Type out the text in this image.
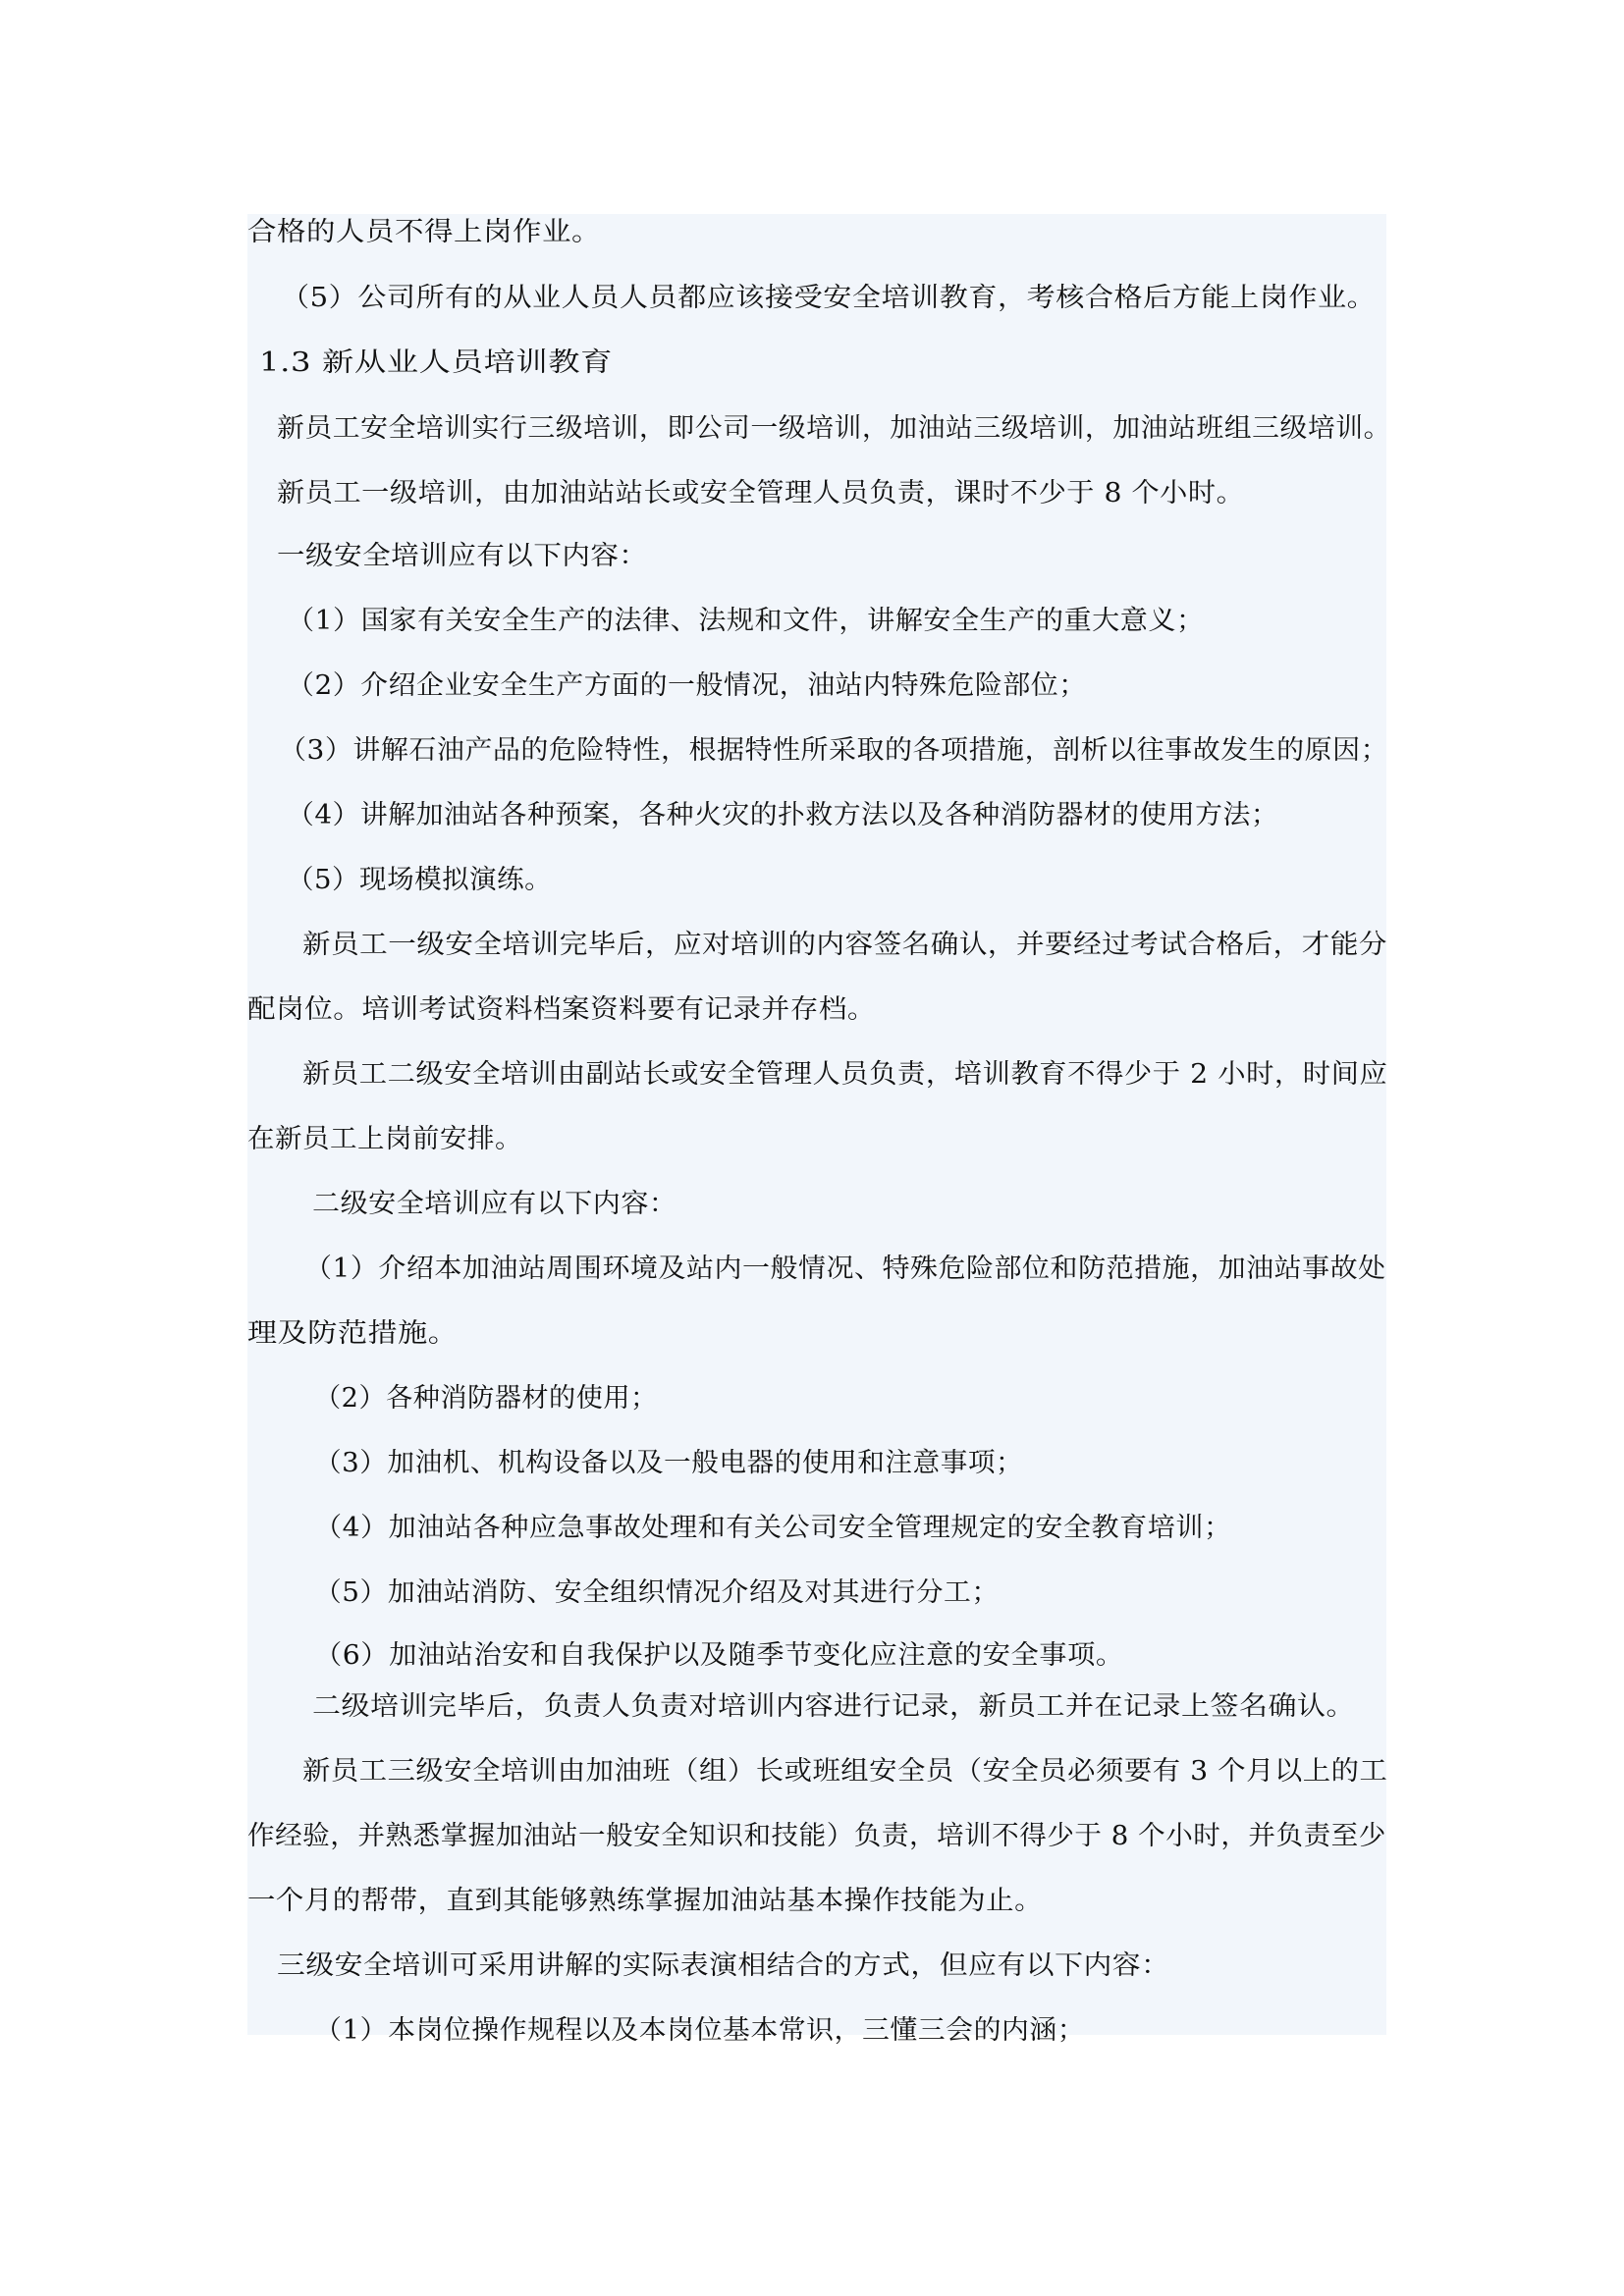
合格的人员不得上岗作业。
（5）公司所有的从业人员人员都应该接受安全培训教育，考核合格后方能上岗作业。
1.3 新从业人员培训教育
新员工安全培训实行三级培训，即公司一级培训，加油站三级培训，加油站班组三级培训。
新员工一级培训，由加油站站长或安全管理人员负责，课时不少于 8 个小时。
一级安全培训应有以下内容：
（1）国家有关安全生产的法律、法规和文件，讲解安全生产的重大意义；
（2）介绍企业安全生产方面的一般情况，油站内特殊危险部位；
（3）讲解石油产品的危险特性，根据特性所采取的各项措施，剖析以往事故发生的原因；
（4）讲解加油站各种预案，各种火灾的扑救方法以及各种消防器材的使用方法；
（5）现场模拟演练。
新员工一级安全培训完毕后，应对培训的内容签名确认，并要经过考试合格后，才能分
配岗位。培训考试资料档案资料要有记录并存档。
新员工二级安全培训由副站长或安全管理人员负责，培训教育不得少于 2 小时，时间应
在新员工上岗前安排。
二级安全培训应有以下内容：
（1）介绍本加油站周围环境及站内一般情况、特殊危险部位和防范措施，加油站事故处
理及防范措施。
（2）各种消防器材的使用；
（3）加油机、机构设备以及一般电器的使用和注意事项；
（4）加油站各种应急事故处理和有关公司安全管理规定的安全教育培训；
（5）加油站消防、安全组织情况介绍及对其进行分工；
（6）加油站治安和自我保护以及随季节变化应注意的安全事项。
二级培训完毕后，负责人负责对培训内容进行记录，新员工并在记录上签名确认。
新员工三级安全培训由加油班（组）长或班组安全员（安全员必须要有 3 个月以上的工
作经验，并熟悉掌握加油站一般安全知识和技能）负责，培训不得少于 8 个小时，并负责至少
一个月的帮带，直到其能够熟练掌握加油站基本操作技能为止。
三级安全培训可采用讲解的实际表演相结合的方式，但应有以下内容：
（1）本岗位操作规程以及本岗位基本常识，三懂三会的内涵；
